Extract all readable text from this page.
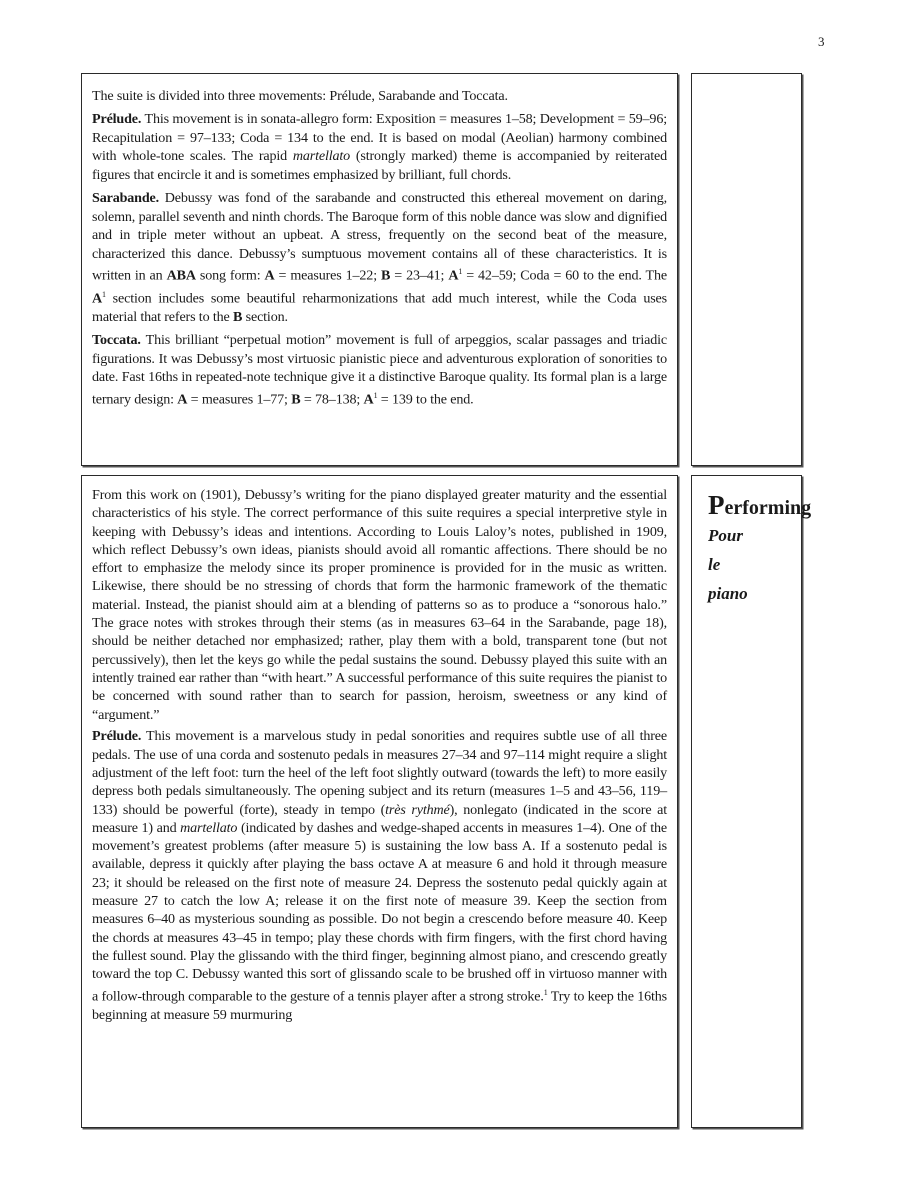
3

The suite is divided into three movements: Prélude, Sarabande and Toccata.

Prélude. This movement is in sonata-allegro form: Exposition = measures 1–58; Development = 59–96; Recapitulation = 97–133; Coda = 134 to the end. It is based on modal (Aeolian) harmony combined with whole-tone scales. The rapid martellato (strongly marked) theme is accompanied by reiterated figures that encircle it and is sometimes emphasized by brilliant, full chords.

Sarabande. Debussy was fond of the sarabande and constructed this ethereal movement on daring, solemn, parallel seventh and ninth chords. The Baroque form of this noble dance was slow and dignified and in triple meter without an upbeat. A stress, frequently on the second beat of the measure, characterized this dance. Debussy’s sumptuous movement contains all of these characteristics. It is written in an ABA song form: A = measures 1–22; B = 23–41; $A^1 = 42-59$; Coda = 60 to the end. The $A^1$ section includes some beautiful reharmonizations that add much interest, while the Coda uses material that refers to the B section.

Toccata. This brilliant “perpetual motion” movement is full of arpeggios, scalar passages and triadic figurations. It was Debussy’s most virtuosic pianistic piece and adventurous exploration of sonorities to date. Fast 16ths in repeated-note technique give it a distinctive Baroque quality. Its formal plan is a large ternary design: A = measures 1–77; B = 78–138; $A^1 = 139$ to the end.

From this work on (1901), Debussy’s writing for the piano displayed greater maturity and the essential characteristics of his style. The correct performance of this suite requires a special interpretive style in keeping with Debussy’s ideas and intentions. According to Louis Laloy’s notes, published in 1909, which reflect Debussy’s own ideas, pianists should avoid all romantic affections. There should be no effort to emphasize the melody since its proper prominence is provided for in the music as written. Likewise, there should be no stressing of chords that form the harmonic framework of the thematic material. Instead, the pianist should aim at a blending of patterns so as to produce a “sonorous halo.” The grace notes with strokes through their stems (as in measures 63–64 in the Sarabande, page 18), should be neither detached nor emphasized; rather, play them with a bold, transparent tone (but not percussively), then let the keys go while the pedal sustains the sound. Debussy played this suite with an intently trained ear rather than “with heart.” A successful performance of this suite requires the pianist to be concerned with sound rather than to search for passion, heroism, sweetness or any kind of “argument.”

Prélude. This movement is a marvelous study in pedal sonorities and requires subtle use of all three pedals. The use of una corda and sostenuto pedals in measures 27–34 and 97–114 might require a slight adjustment of the left foot: turn the heel of the left foot slightly outward (towards the left) to more easily depress both pedals simultaneously. The opening subject and its return (measures 1–5 and 43–56, 119–133) should be powerful (forte), steady in tempo (très rythmé), nonlegato (indicated in the score at measure 1) and martellato (indicated by dashes and wedge-shaped accents in measures 1–4). One of the movement’s greatest problems (after measure 5) is sustaining the low bass A. If a sostenuto pedal is available, depress it quickly after playing the bass octave A at measure 6 and hold it through measure 23; it should be released on the first note of measure 24. Depress the sostenuto pedal quickly again at measure 27 to catch the low A; release it on the first note of measure 39. Keep the section from measures 6–40 as mysterious sounding as possible. Do not begin a crescendo before measure 40. Keep the chords at measures 43–45 in tempo; play these chords with firm fingers, with the first chord having the fullest sound. Play the glissando with the third finger, beginning almost piano, and crescendo greatly toward the top C. Debussy wanted this sort of glissando scale to be brushed off in virtuoso manner with a follow-through comparable to the gesture of a tennis player after a strong stroke.$^1$ Try to keep the 16ths beginning at measure 59 murmuring

Performing
Pour
le
piano
